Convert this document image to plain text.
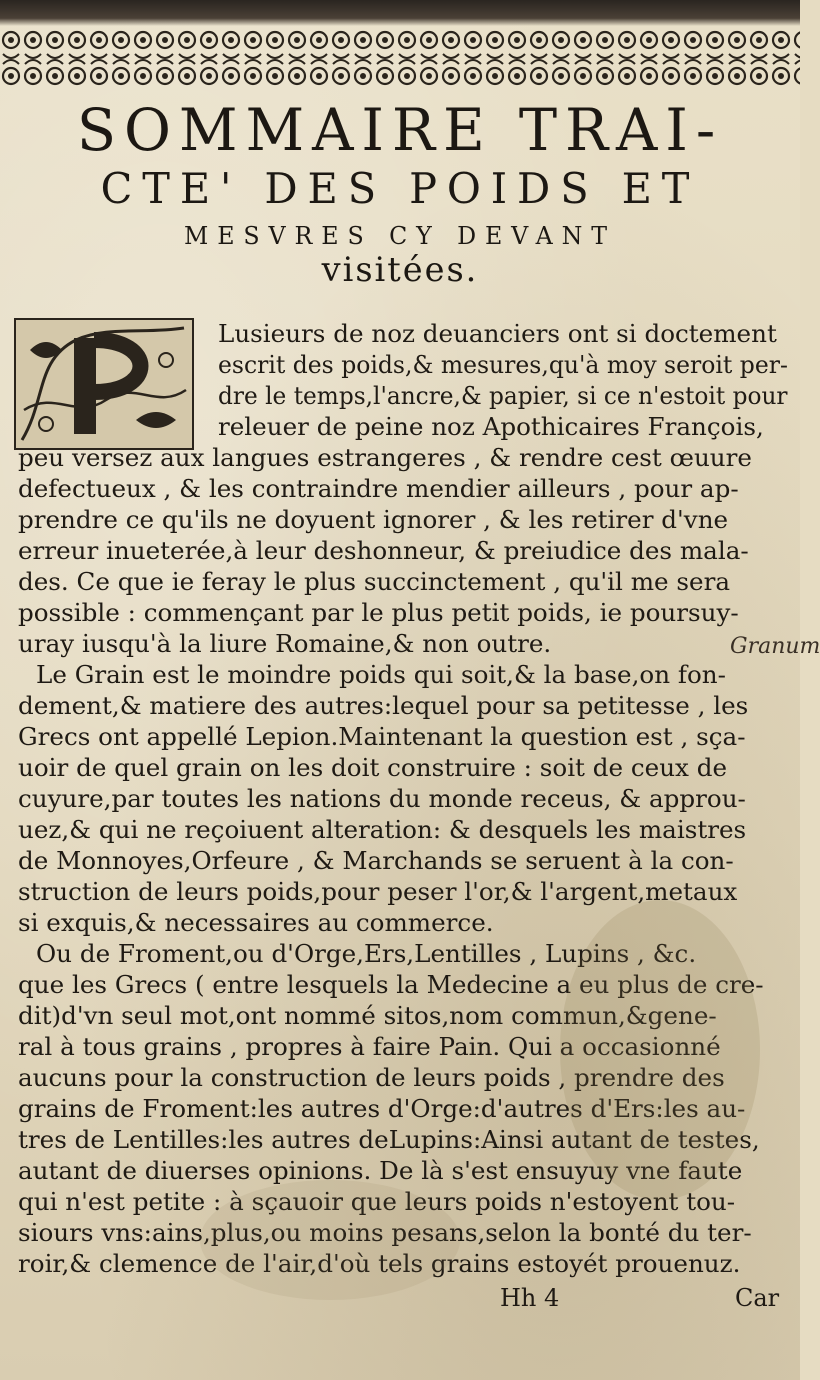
SOMMAIRE TRAI-
CTE' DES POIDS ET
MESVRES CY DEVANT
visitées.
Lusieurs de noz deuanciers ont si doctement
escrit des poids,& mesures,qu'à moy seroit per-
dre le temps,l'ancre,& papier, si ce n'estoit pour
releuer de peine noz Apothicaires François,
peu versez aux langues estrangeres , & rendre cest œuure
defectueux , & les contraindre mendier ailleurs , pour ap-
prendre ce qu'ils ne doyuent ignorer , & les retirer d'vne
erreur inueterée,à leur deshonneur, & preiudice des mala-
des. Ce que ie feray le plus succinctement , qu'il me sera
possible : commençant par le plus petit poids, ie poursuy-
uray iusqu'à la liure Romaine,& non outre.
Le Grain est le moindre poids qui soit,& la base,on fon-
dement,& matiere des autres:lequel pour sa petitesse , les
Grecs ont appellé Lepion.Maintenant la question est , sça-
uoir de quel grain on les doit construire : soit de ceux de
cuyure,par toutes les nations du monde receus, & approu-
uez,& qui ne reçoiuent alteration: & desquels les maistres
de Monnoyes,Orfeure , & Marchands se seruent à la con-
struction de leurs poids,pour peser l'or,& l'argent,metaux
si exquis,& necessaires au commerce.
Ou de Froment,ou d'Orge,Ers,Lentilles , Lupins , &c.
que les Grecs ( entre lesquels la Medecine a eu plus de cre-
dit)d'vn seul mot,ont nommé sitos,nom commun,&gene-
ral à tous grains , propres à faire Pain. Qui a occasionné
aucuns pour la construction de leurs poids , prendre des
grains de Froment:les autres d'Orge:d'autres d'Ers:les au-
tres de Lentilles:les autres deLupins:Ainsi autant de testes,
autant de diuerses opinions. De là s'est ensuyuy vne faute
qui n'est petite : à sçauoir que leurs poids n'estoyent tou-
siours vns:ains,plus,ou moins pesans,selon la bonté du ter-
roir,& clemence de l'air,d'où tels grains estoyét prouenuz.
Granum
Hh 4	Car
